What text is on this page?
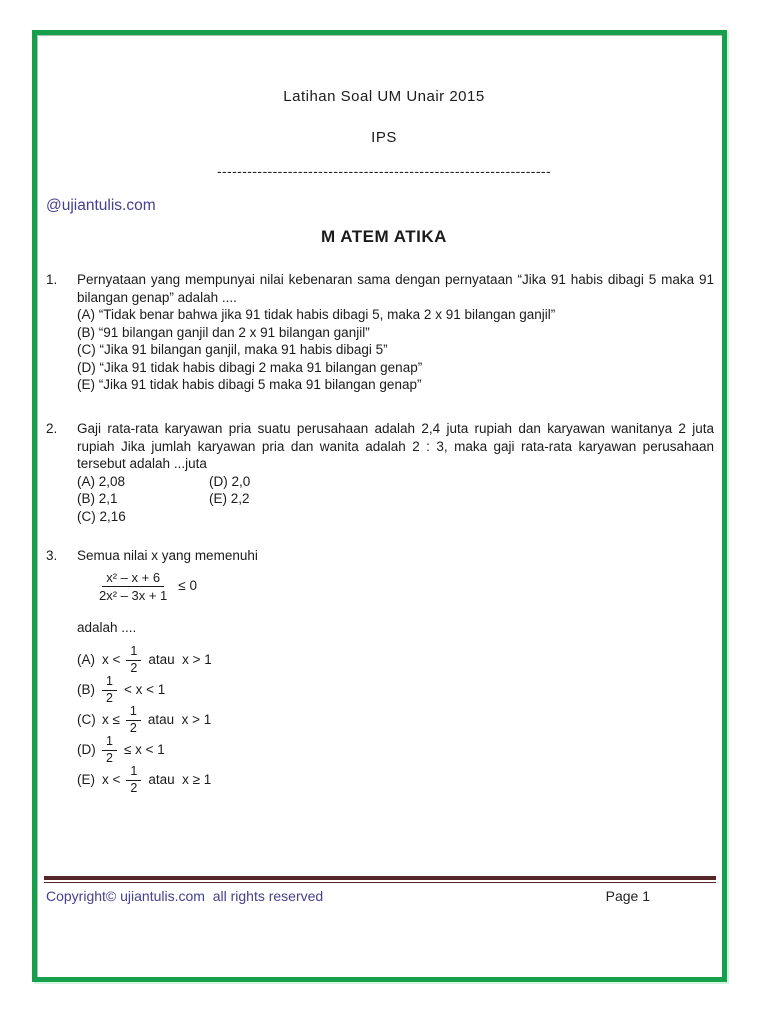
Latihan Soal UM Unair 2015
IPS
------------------------------------------------------------------
@ujiantulis.com
M ATEM ATIKA
1.	Pernyataan yang mempunyai nilai kebenaran sama dengan pernyataan “Jika 91 habis dibagi 5 maka 91 bilangan genap” adalah ....

(A) “Tidak benar bahwa jika 91 tidak habis dibagi 5, maka 2 x 91 bilangan ganjil”
(B) “91 bilangan ganjil dan 2 x 91 bilangan ganjil”
(C) “Jika 91 bilangan ganjil, maka 91 habis dibagi 5”
(D) “Jika 91 tidak habis dibagi 2 maka 91 bilangan genap”
(E) “Jika 91 tidak habis dibagi 5 maka 91 bilangan genap”
2.	Gaji rata-rata karyawan pria suatu perusahaan adalah 2,4 juta rupiah dan karyawan wanitanya 2 juta rupiah Jika jumlah karyawan pria dan wanita adalah 2 : 3, maka gaji rata-rata karyawan perusahaan tersebut adalah ...juta

(A) 2,08	(D) 2,0
(B) 2,1	(E) 2,2
(C) 2,16
3.	Semua nilai x yang memenuhi

$\frac{\text{x² – x + 6}}{\text{2x² – 3x + 1}} \le 0$

adalah ....

(A) $x < \frac{1}{2}$ atau  x > 1
$(B) \frac{1}{2} < x < 1$
(C) $x \le \frac{1}{2}$ atau  x > 1
$(D) \frac{1}{2} \le x < 1$
(E) $x < \frac{1}{2}$ atau  x ≥ 1
Copyright© ujiantulis.com  all rights reserved	Page 1
